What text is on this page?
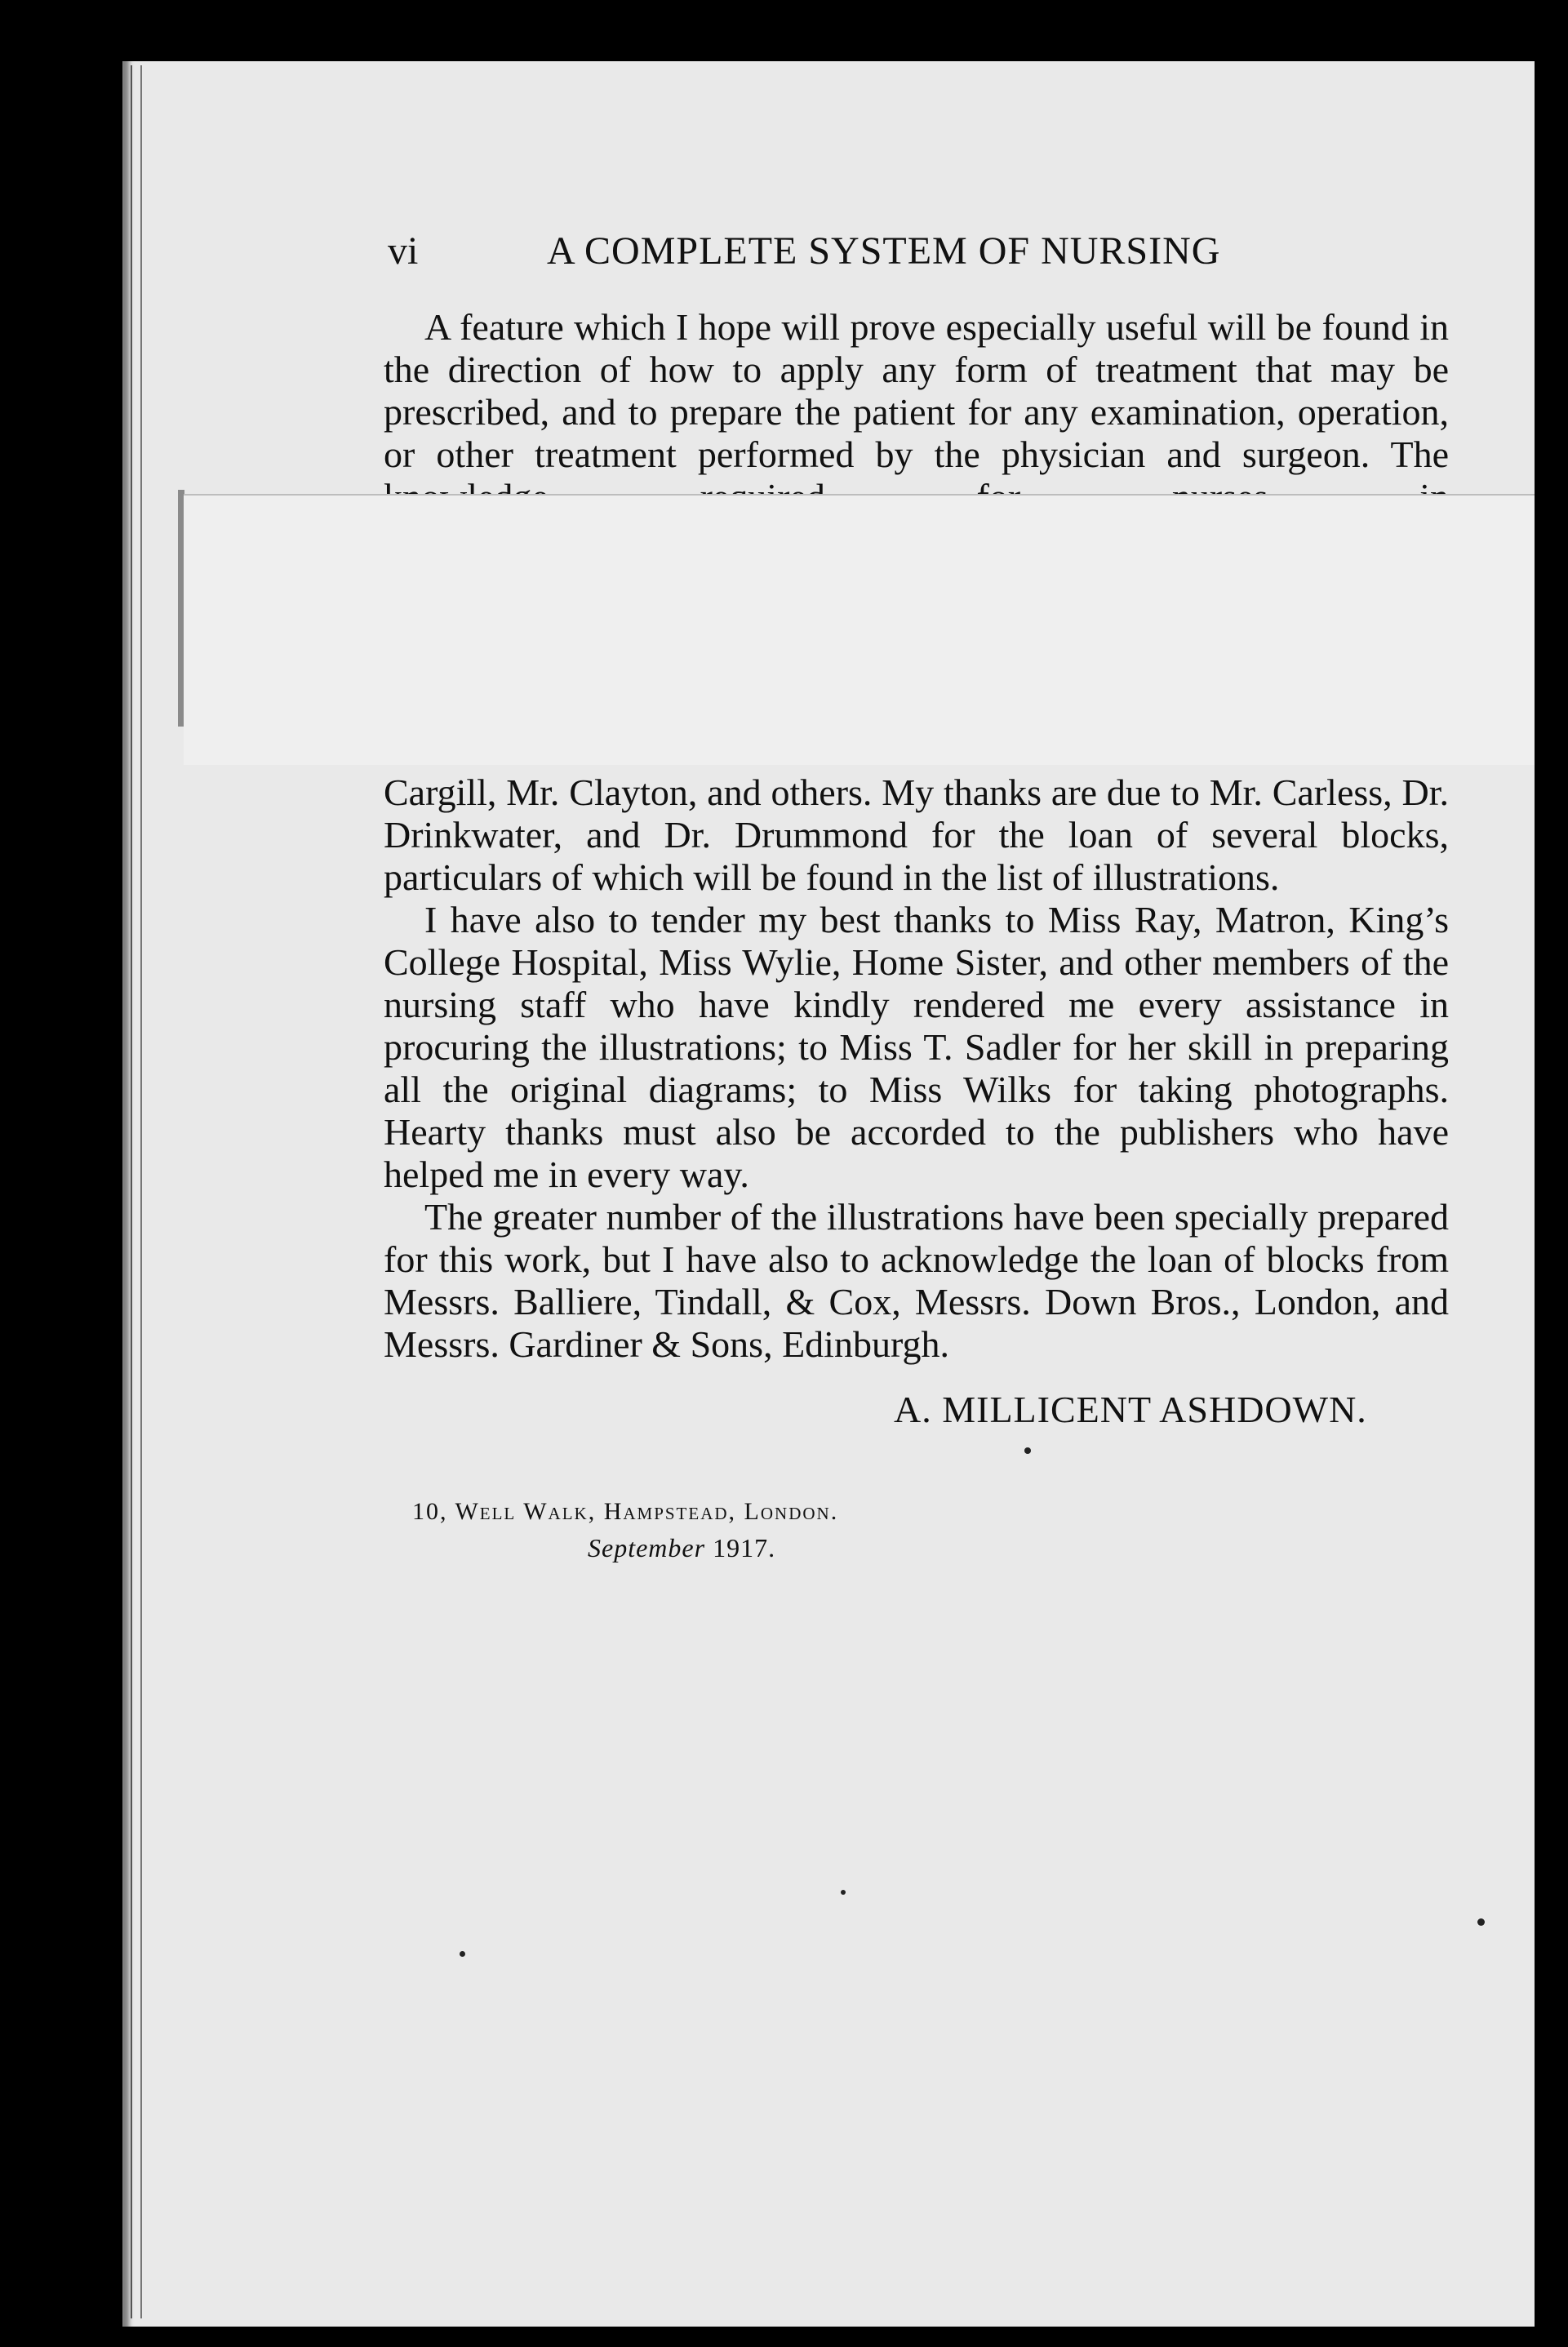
vi	A COMPLETE SYSTEM OF NURSING

A feature which I hope will prove especially useful will be found in the direction of how to apply any form of treatment that may be prescribed, and to prepare the patient for any examination, operation, or other treatment performed by the physician and surgeon. The

Cargill, Mr. Clayton, and others. My thanks are due to Mr. Carless, Dr. Drinkwater, and Dr. Drummond for the loan of several blocks, particulars of which will be found in the list of illustrations.

I have also to tender my best thanks to Miss Ray, Matron, King’s College Hospital, Miss Wylie, Home Sister, and other members of the nursing staff who have kindly rendered me every assistance in procuring the illustrations; to Miss T. Sadler for her skill in preparing all the original diagrams; to Miss Wilks for taking photographs. Hearty thanks must also be accorded to the publishers who have helped me in every way.

The greater number of the illustrations have been specially prepared for this work, but I have also to acknowledge the loan of blocks from Messrs. Balliere, Tindall, & Cox, Messrs. Down Bros., London, and Messrs. Gardiner & Sons, Edinburgh.

A. MILLICENT ASHDOWN.
10, Well Walk, Hampstead, London.
September 1917.
